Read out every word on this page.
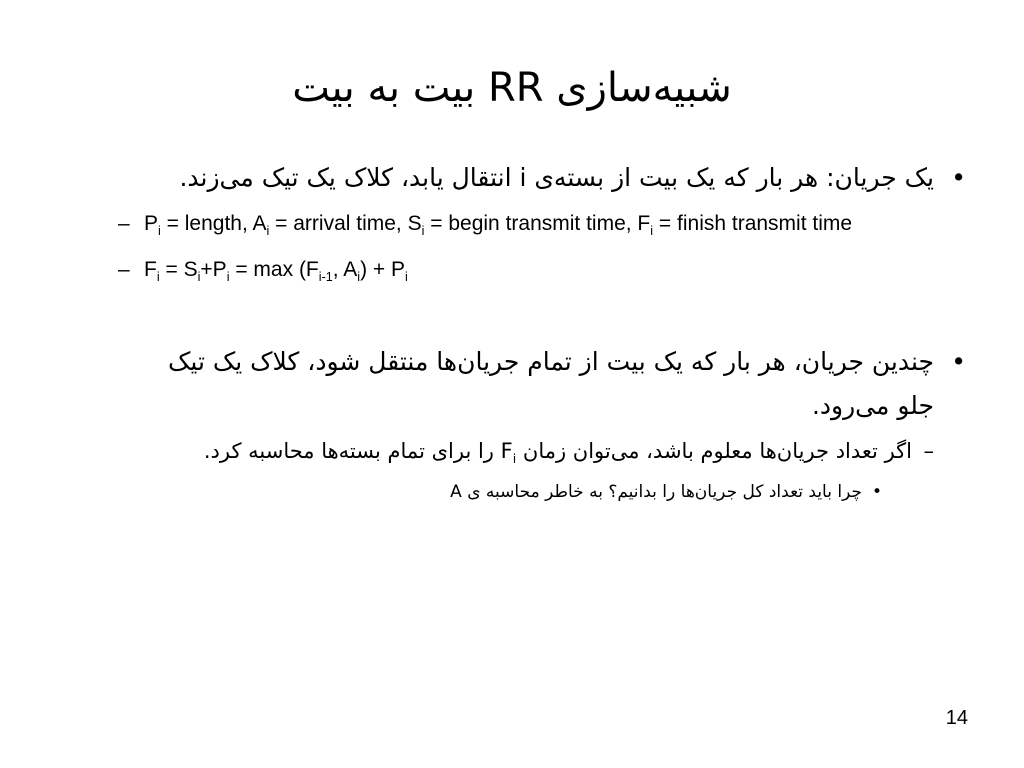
شبیه‌سازی RR بیت به بیت
•
یک جریان: هر بار که یک بیت از بسته‌ی i انتقال یابد، کلاک یک تیک می‌زند.
– $P_i$ = length, $A_i$ = arrival time, $S_i$ = begin transmit time, $F_i$ = finish transmit time
– $F_i = S_i+P_i = \max (F_{i-1}$, $A_i) + P_i$
•
چندین جریان، هر بار که یک بیت از تمام جریان‌ها منتقل شود، کلاک یک تیک
جلو می‌رود.
–
اگر تعداد جریان‌ها معلوم باشد، می‌توان زمان $F_i$ را برای تمام بسته‌ها محاسبه کرد.
•
چرا باید تعداد کل جریان‌ها را بدانیم؟ به خاطر محاسبه ی A
14
